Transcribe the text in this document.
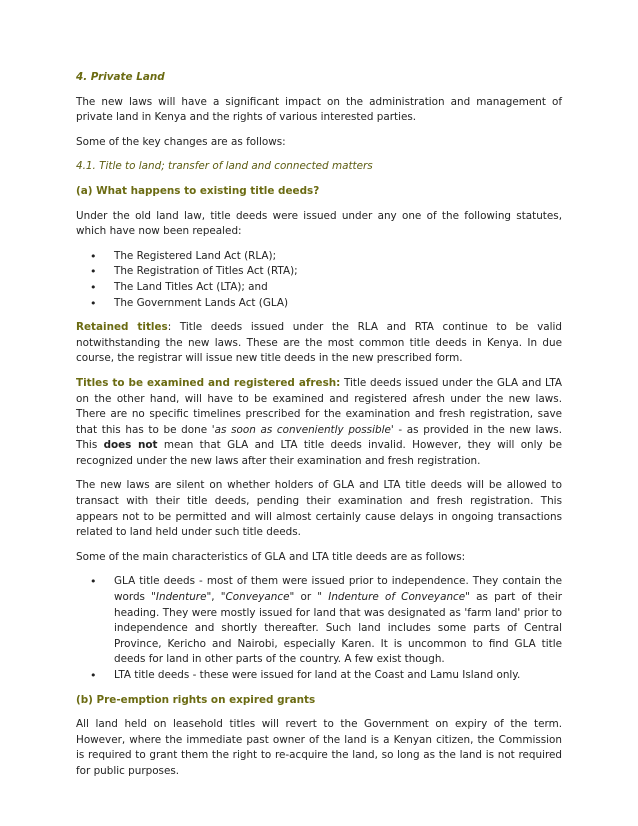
4. Private Land

The new laws will have a significant impact on the administration and management of private land in Kenya and the rights of various interested parties.

Some of the key changes are as follows:

4.1. Title to land; transfer of land and connected matters
(a) What happens to existing title deeds?

Under the old land law, title deeds were issued under any one of the following statutes, which have now been repealed:

• The Registered Land Act (RLA);
• The Registration of Titles Act (RTA);
• The Land Titles Act (LTA); and
• The Government Lands Act (GLA)

Retained titles: Title deeds issued under the RLA and RTA continue to be valid notwithstanding the new laws. These are the most common title deeds in Kenya. In due course, the registrar will issue new title deeds in the new prescribed form.

Titles to be examined and registered afresh: Title deeds issued under the GLA and LTA on the other hand, will have to be examined and registered afresh under the new laws. There are no specific timelines prescribed for the examination and fresh registration, save that this has to be done 'as soon as conveniently possible' - as provided in the new laws. This does not mean that GLA and LTA title deeds invalid. However, they will only be recognized under the new laws after their examination and fresh registration.

The new laws are silent on whether holders of GLA and LTA title deeds will be allowed to transact with their title deeds, pending their examination and fresh registration. This appears not to be permitted and will almost certainly cause delays in ongoing transactions related to land held under such title deeds.

Some of the main characteristics of GLA and LTA title deeds are as follows:

• GLA title deeds - most of them were issued prior to independence. They contain the words "Indenture", "Conveyance" or " Indenture of Conveyance" as part of their heading. They were mostly issued for land that was designated as 'farm land' prior to independence and shortly thereafter. Such land includes some parts of Central Province, Kericho and Nairobi, especially Karen. It is uncommon to find GLA title deeds for land in other parts of the country. A few exist though.
• LTA title deeds - these were issued for land at the Coast and Lamu Island only.
(b) Pre-emption rights on expired grants

All land held on leasehold titles will revert to the Government on expiry of the term. However, where the immediate past owner of the land is a Kenyan citizen, the Commission is required to grant them the right to re-acquire the land, so long as the land is not required for public purposes.
